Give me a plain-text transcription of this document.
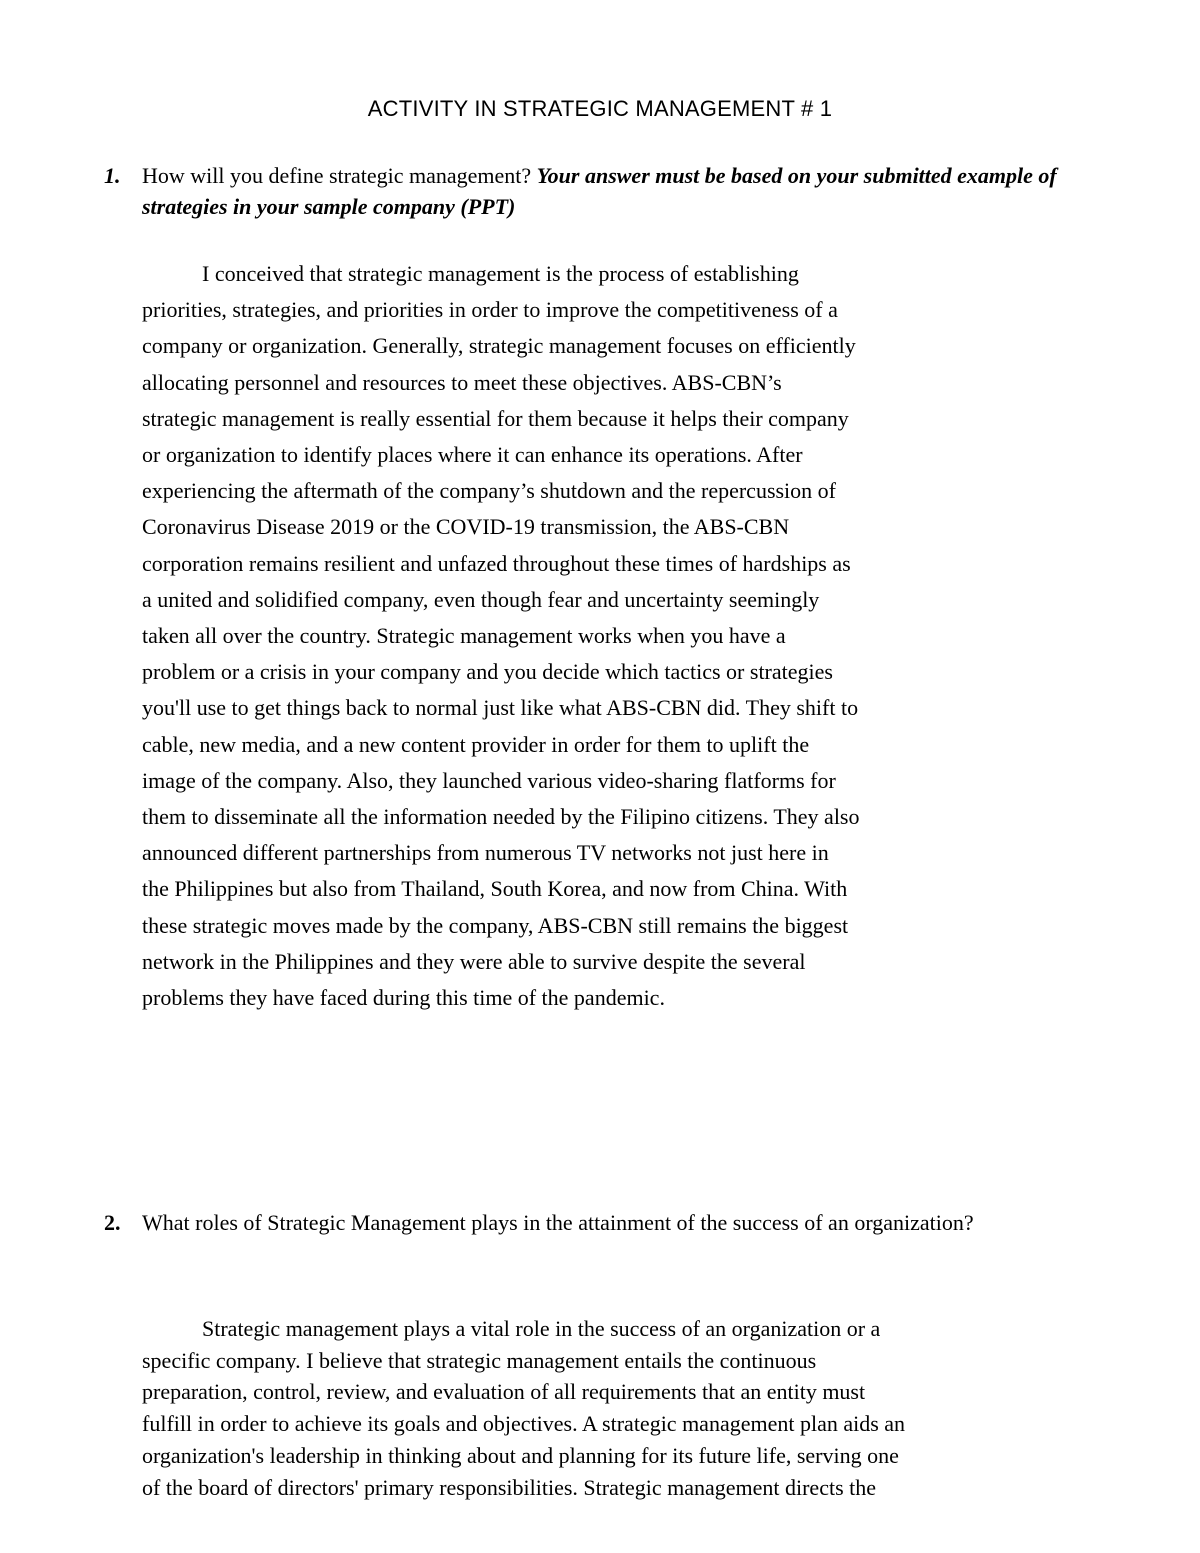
ACTIVITY IN STRATEGIC MANAGEMENT # 1
1. How will you define strategic management? Your answer must be based on your submitted example of strategies in your sample company (PPT)
I conceived that strategic management is the process of establishing
priorities, strategies, and priorities in order to improve the competitiveness of a
company or organization. Generally, strategic management focuses on efficiently
allocating personnel and resources to meet these objectives. ABS-CBN’s
strategic management is really essential for them because it helps their company
or organization to identify places where it can enhance its operations. After
experiencing the aftermath of the company’s shutdown and the repercussion of
Coronavirus Disease 2019 or the COVID-19 transmission, the ABS-CBN
corporation remains resilient and unfazed throughout these times of hardships as
a united and solidified company, even though fear and uncertainty seemingly
taken all over the country. Strategic management works when you have a
problem or a crisis in your company and you decide which tactics or strategies
you'll use to get things back to normal just like what ABS-CBN did. They shift to
cable, new media, and a new content provider in order for them to uplift the
image of the company. Also, they launched various video-sharing flatforms for
them to disseminate all the information needed by the Filipino citizens. They also
announced different partnerships from numerous TV networks not just here in
the Philippines but also from Thailand, South Korea, and now from China. With
these strategic moves made by the company, ABS-CBN still remains the biggest
network in the Philippines and they were able to survive despite the several
problems they have faced during this time of the pandemic.
2. What roles of Strategic Management plays in the attainment of the success of an organization?
Strategic management plays a vital role in the success of an organization or a
specific company. I believe that strategic management entails the continuous
preparation, control, review, and evaluation of all requirements that an entity must
fulfill in order to achieve its goals and objectives. A strategic management plan aids an
organization's leadership in thinking about and planning for its future life, serving one
of the board of directors' primary responsibilities. Strategic management directs the
